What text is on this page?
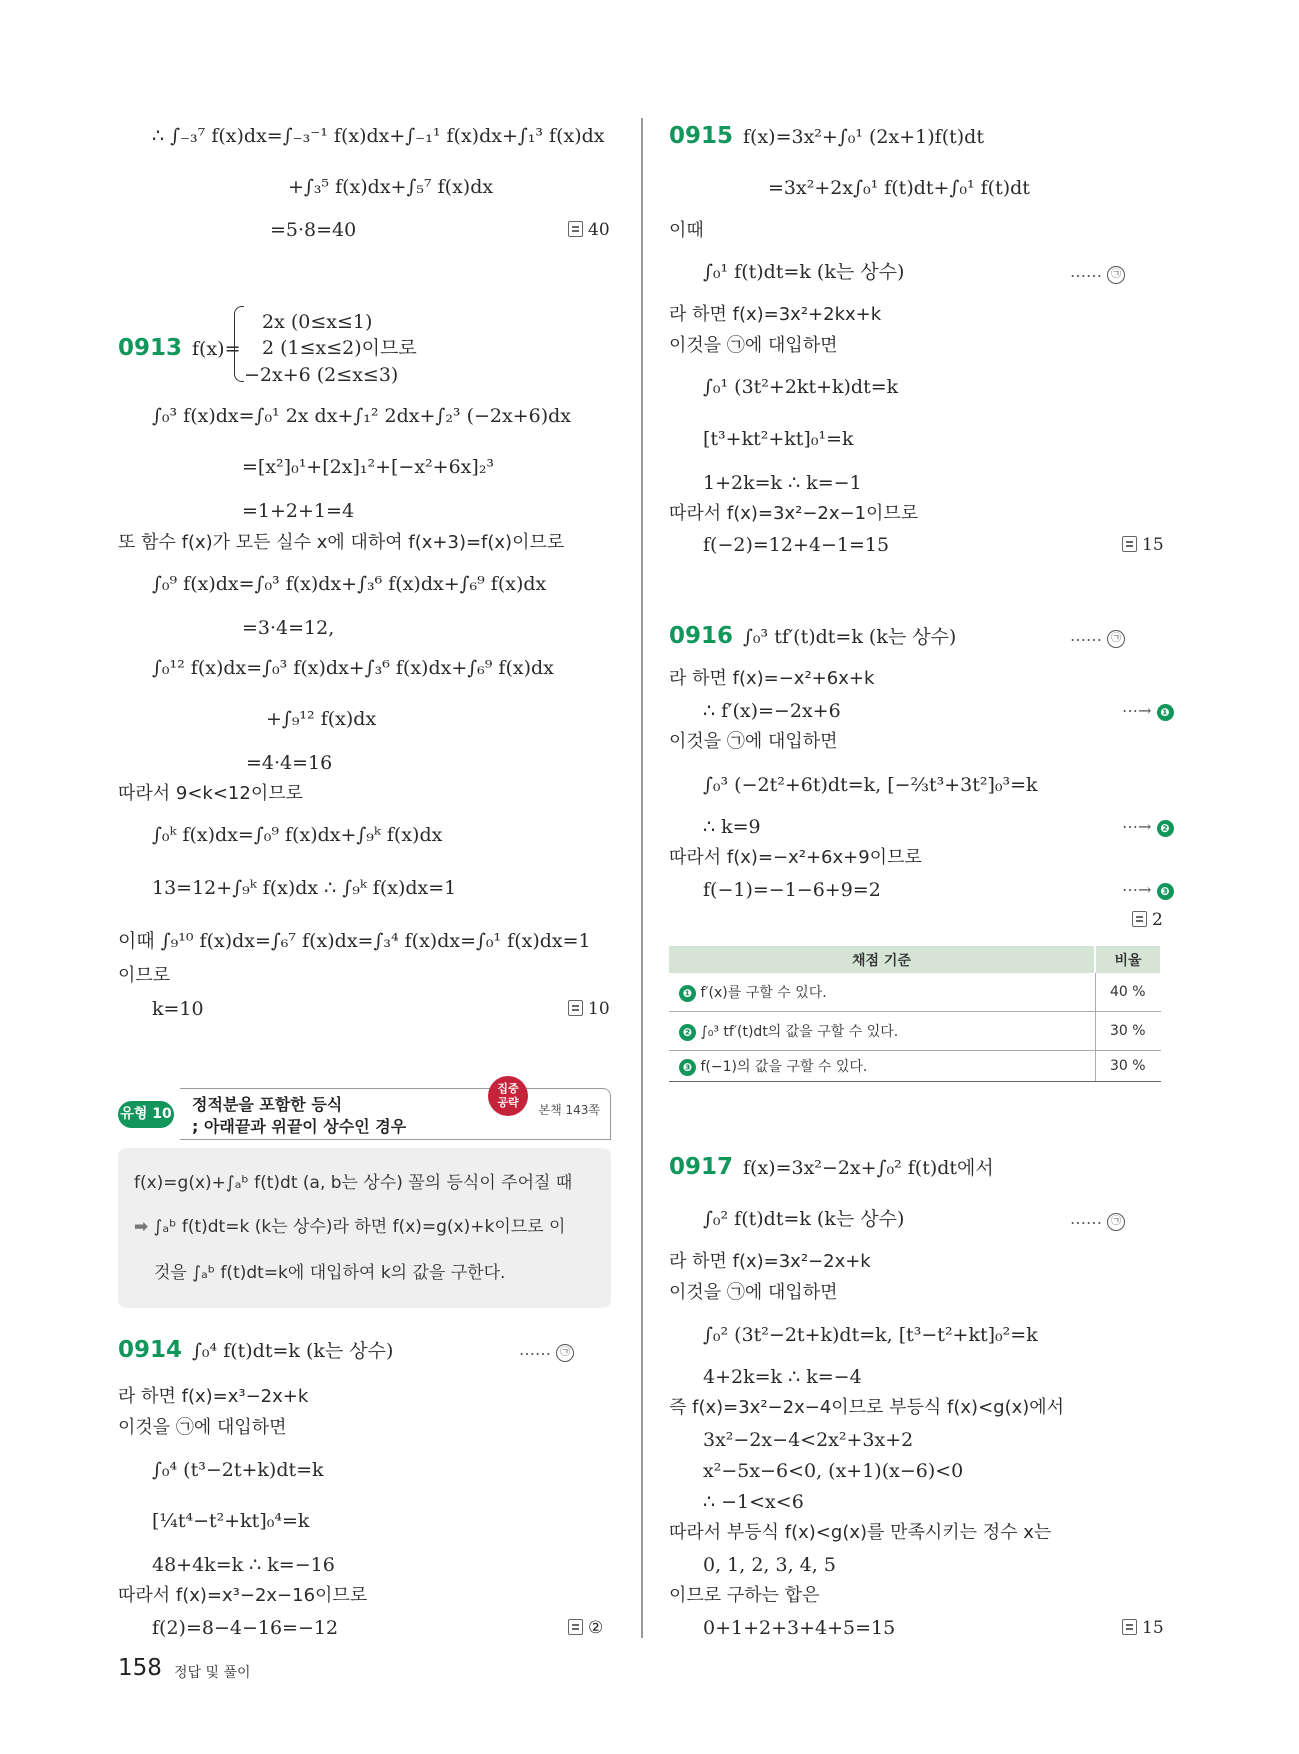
∴ ∫₋₃⁷ f(x)dx=∫₋₃⁻¹ f(x)dx+∫₋₁¹ f(x)dx+∫₁³ f(x)dx
+∫₃⁵ f(x)dx+∫₅⁷ f(x)dx
=5·8=40	40
0913 f(x)=
2x (0≤x≤1)
2 (1≤x≤2)이므로
−2x+6 (2≤x≤3)
∫₀³ f(x)dx=∫₀¹ 2x dx+∫₁² 2dx+∫₂³ (−2x+6)dx
=[x²]₀¹+[2x]₁²+[−x²+6x]₂³
=1+2+1=4
또 함수 f(x)가 모든 실수 x에 대하여 f(x+3)=f(x)이므로
∫₀⁹ f(x)dx=∫₀³ f(x)dx+∫₃⁶ f(x)dx+∫₆⁹ f(x)dx
=3·4=12,
∫₀¹² f(x)dx=∫₀³ f(x)dx+∫₃⁶ f(x)dx+∫₆⁹ f(x)dx
+∫₉¹² f(x)dx
=4·4=16
따라서 9<k<12이므로
∫₀ᵏ f(x)dx=∫₀⁹ f(x)dx+∫₉ᵏ f(x)dx
13=12+∫₉ᵏ f(x)dx ∴ ∫₉ᵏ f(x)dx=1
이때 ∫₉¹⁰ f(x)dx=∫₆⁷ f(x)dx=∫₃⁴ f(x)dx=∫₀¹ f(x)dx=1
이므로
k=10	10
유형 10 정적분을 포함한 등식
; 아래끝과 위끝이 상수인 경우
본책 143쪽
집중
공략
f(x)=g(x)+∫ₐᵇ f(t)dt (a, b는 상수) 꼴의 등식이 주어질 때
➡ ∫ₐᵇ f(t)dt=k (k는 상수)라 하면 f(x)=g(x)+k이므로 이
것을 ∫ₐᵇ f(t)dt=k에 대입하여 k의 값을 구한다.
0914 ∫₀⁴ f(t)dt=k (k는 상수)	…… ㉠
라 하면 f(x)=x³−2x+k
이것을 ㉠에 대입하면
∫₀⁴ (t³−2t+k)dt=k
[¼t⁴−t²+kt]₀⁴=k
48+4k=k ∴ k=−16
따라서 f(x)=x³−2x−16이므로
f(2)=8−4−16=−12	②
0915 f(x)=3x²+∫₀¹ (2x+1)f(t)dt
=3x²+2x∫₀¹ f(t)dt+∫₀¹ f(t)dt
이때
∫₀¹ f(t)dt=k (k는 상수)	…… ㉠
라 하면 f(x)=3x²+2kx+k
이것을 ㉠에 대입하면
∫₀¹ (3t²+2kt+k)dt=k
[t³+kt²+kt]₀¹=k
1+2k=k ∴ k=−1
따라서 f(x)=3x²−2x−1이므로
f(−2)=12+4−1=15	15
0916 ∫₀³ tf′(t)dt=k (k는 상수)	…… ㉠
라 하면 f(x)=−x²+6x+k
∴ f′(x)=−2x+6	⋯→ ❶
이것을 ㉠에 대입하면
∫₀³ (−2t²+6t)dt=k, [−⅔t³+3t²]₀³=k
∴ k=9	⋯→ ❷
따라서 f(x)=−x²+6x+9이므로
f(−1)=−1−6+9=2	⋯→ ❸
2
채점 기준	비율
❶ f′(x)를 구할 수 있다.	40 %
❷ ∫₀³ tf′(t)dt의 값을 구할 수 있다.	30 %
❸ f(−1)의 값을 구할 수 있다.	30 %
0917 f(x)=3x²−2x+∫₀² f(t)dt에서
∫₀² f(t)dt=k (k는 상수)	…… ㉠
라 하면 f(x)=3x²−2x+k
이것을 ㉠에 대입하면
∫₀² (3t²−2t+k)dt=k, [t³−t²+kt]₀²=k
4+2k=k ∴ k=−4
즉 f(x)=3x²−2x−4이므로 부등식 f(x)<g(x)에서
3x²−2x−4<2x²+3x+2
x²−5x−6<0, (x+1)(x−6)<0
∴ −1<x<6
따라서 부등식 f(x)<g(x)를 만족시키는 정수 x는
0, 1, 2, 3, 4, 5
이므로 구하는 합은
0+1+2+3+4+5=15	15
158 정답 및 풀이
